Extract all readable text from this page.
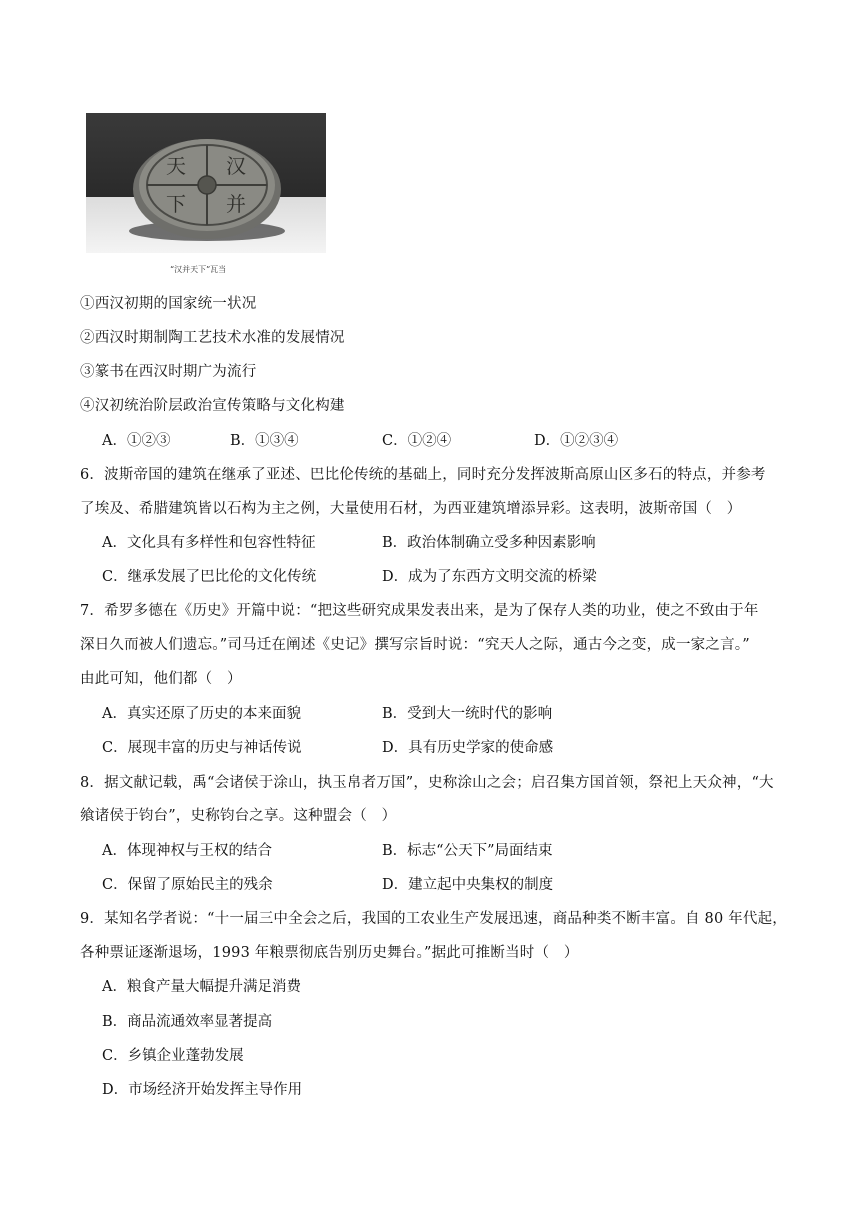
汉
并
天
下
“汉并天下”瓦当
①西汉初期的国家统一状况
②西汉时期制陶工艺技术水准的发展情况
③篆书在西汉时期广为流行
④汉初统治阶层政治宣传策略与文化构建
A．①②③	B．①③④	C．①②④	D．①②③④
6．波斯帝国的建筑在继承了亚述、巴比伦传统的基础上，同时充分发挥波斯高原山区多石的特点，并参考
了埃及、希腊建筑皆以石构为主之例，大量使用石材，为西亚建筑增添异彩。这表明，波斯帝国（　）
A．文化具有多样性和包容性特征	B．政治体制确立受多种因素影响
C．继承发展了巴比伦的文化传统	D．成为了东西方文明交流的桥梁
7．希罗多德在《历史》开篇中说：“把这些研究成果发表出来，是为了保存人类的功业，使之不致由于年
深日久而被人们遗忘。”司马迁在阐述《史记》撰写宗旨时说：“究天人之际，通古今之变，成一家之言。”
由此可知，他们都（　）
A．真实还原了历史的本来面貌	B．受到大一统时代的影响
C．展现丰富的历史与神话传说	D．具有历史学家的使命感
8．据文献记载，禹“会诸侯于涂山，执玉帛者万国”，史称涂山之会；启召集方国首领，祭祀上天众神，“大
飨诸侯于钧台”，史称钧台之享。这种盟会（　）
A．体现神权与王权的结合	B．标志“公天下”局面结束
C．保留了原始民主的残余	D．建立起中央集权的制度
9．某知名学者说：“十一届三中全会之后，我国的工农业生产发展迅速，商品种类不断丰富。自 80 年代起，
各种票证逐渐退场，1993 年粮票彻底告别历史舞台。”据此可推断当时（　）
A．粮食产量大幅提升满足消费
B．商品流通效率显著提高
C．乡镇企业蓬勃发展
D．市场经济开始发挥主导作用
